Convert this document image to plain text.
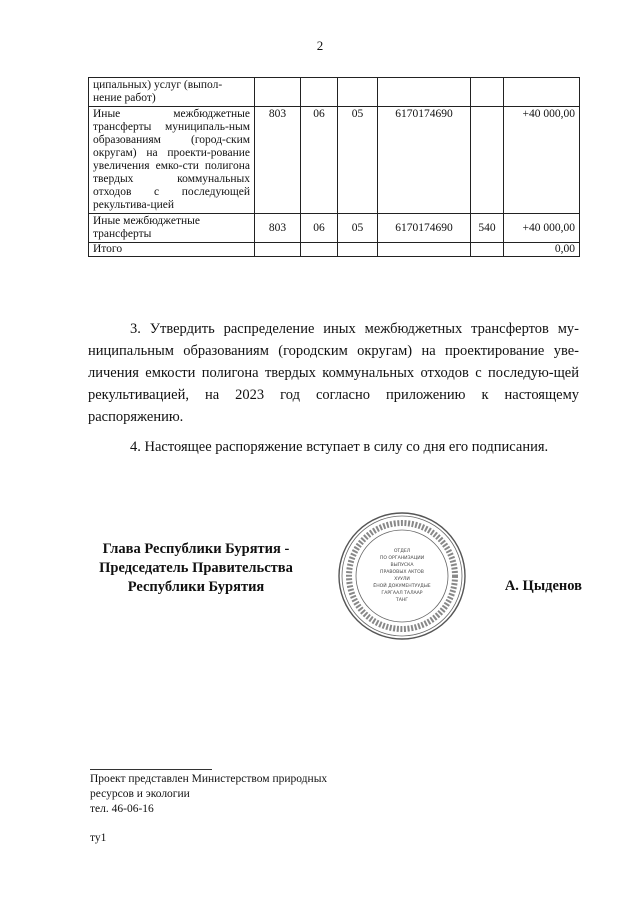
2
ципальных) услуг (выпол-
нение работ)						
Иные межбюджетные трансферты муниципаль-ным образованиям (город-ским округам) на проекти-рование увеличения емко-сти полигона твердых коммунальных отходов с последующей рекультива-цией	803	06	05	6170174690		+40 000,00
Иные межбюджетные трансферты	803	06	05	6170174690	540	+40 000,00
Итого						0,00

3. Утвердить распределение иных межбюджетных трансфертов му-ниципальным образованиям (городским округам) на проектирование уве-личения емкости полигона твердых коммунальных отходов с последую-щей рекультивацией, на 2023 год согласно приложению к настоящему распоряжению.

4. Настоящее распоряжение вступает в силу со дня его подписания.

Глава Республики Бурятия -
Председатель Правительства
Республики Бурятия
ОТДЕЛ
ПО ОРГАНИЗАЦИИ
ВЫПУСКА
ПРАВОВЫХ АКТОВ
ХУУЛИ
ЁНОЙ ДОКУМЕНТУУДЫЕ
ГАРГААЛ ТАЛААР
ТАНГ
А. Цыденов
Проект представлен Министерством природных
ресурсов и экологии
тел. 46-06-16
ту1
